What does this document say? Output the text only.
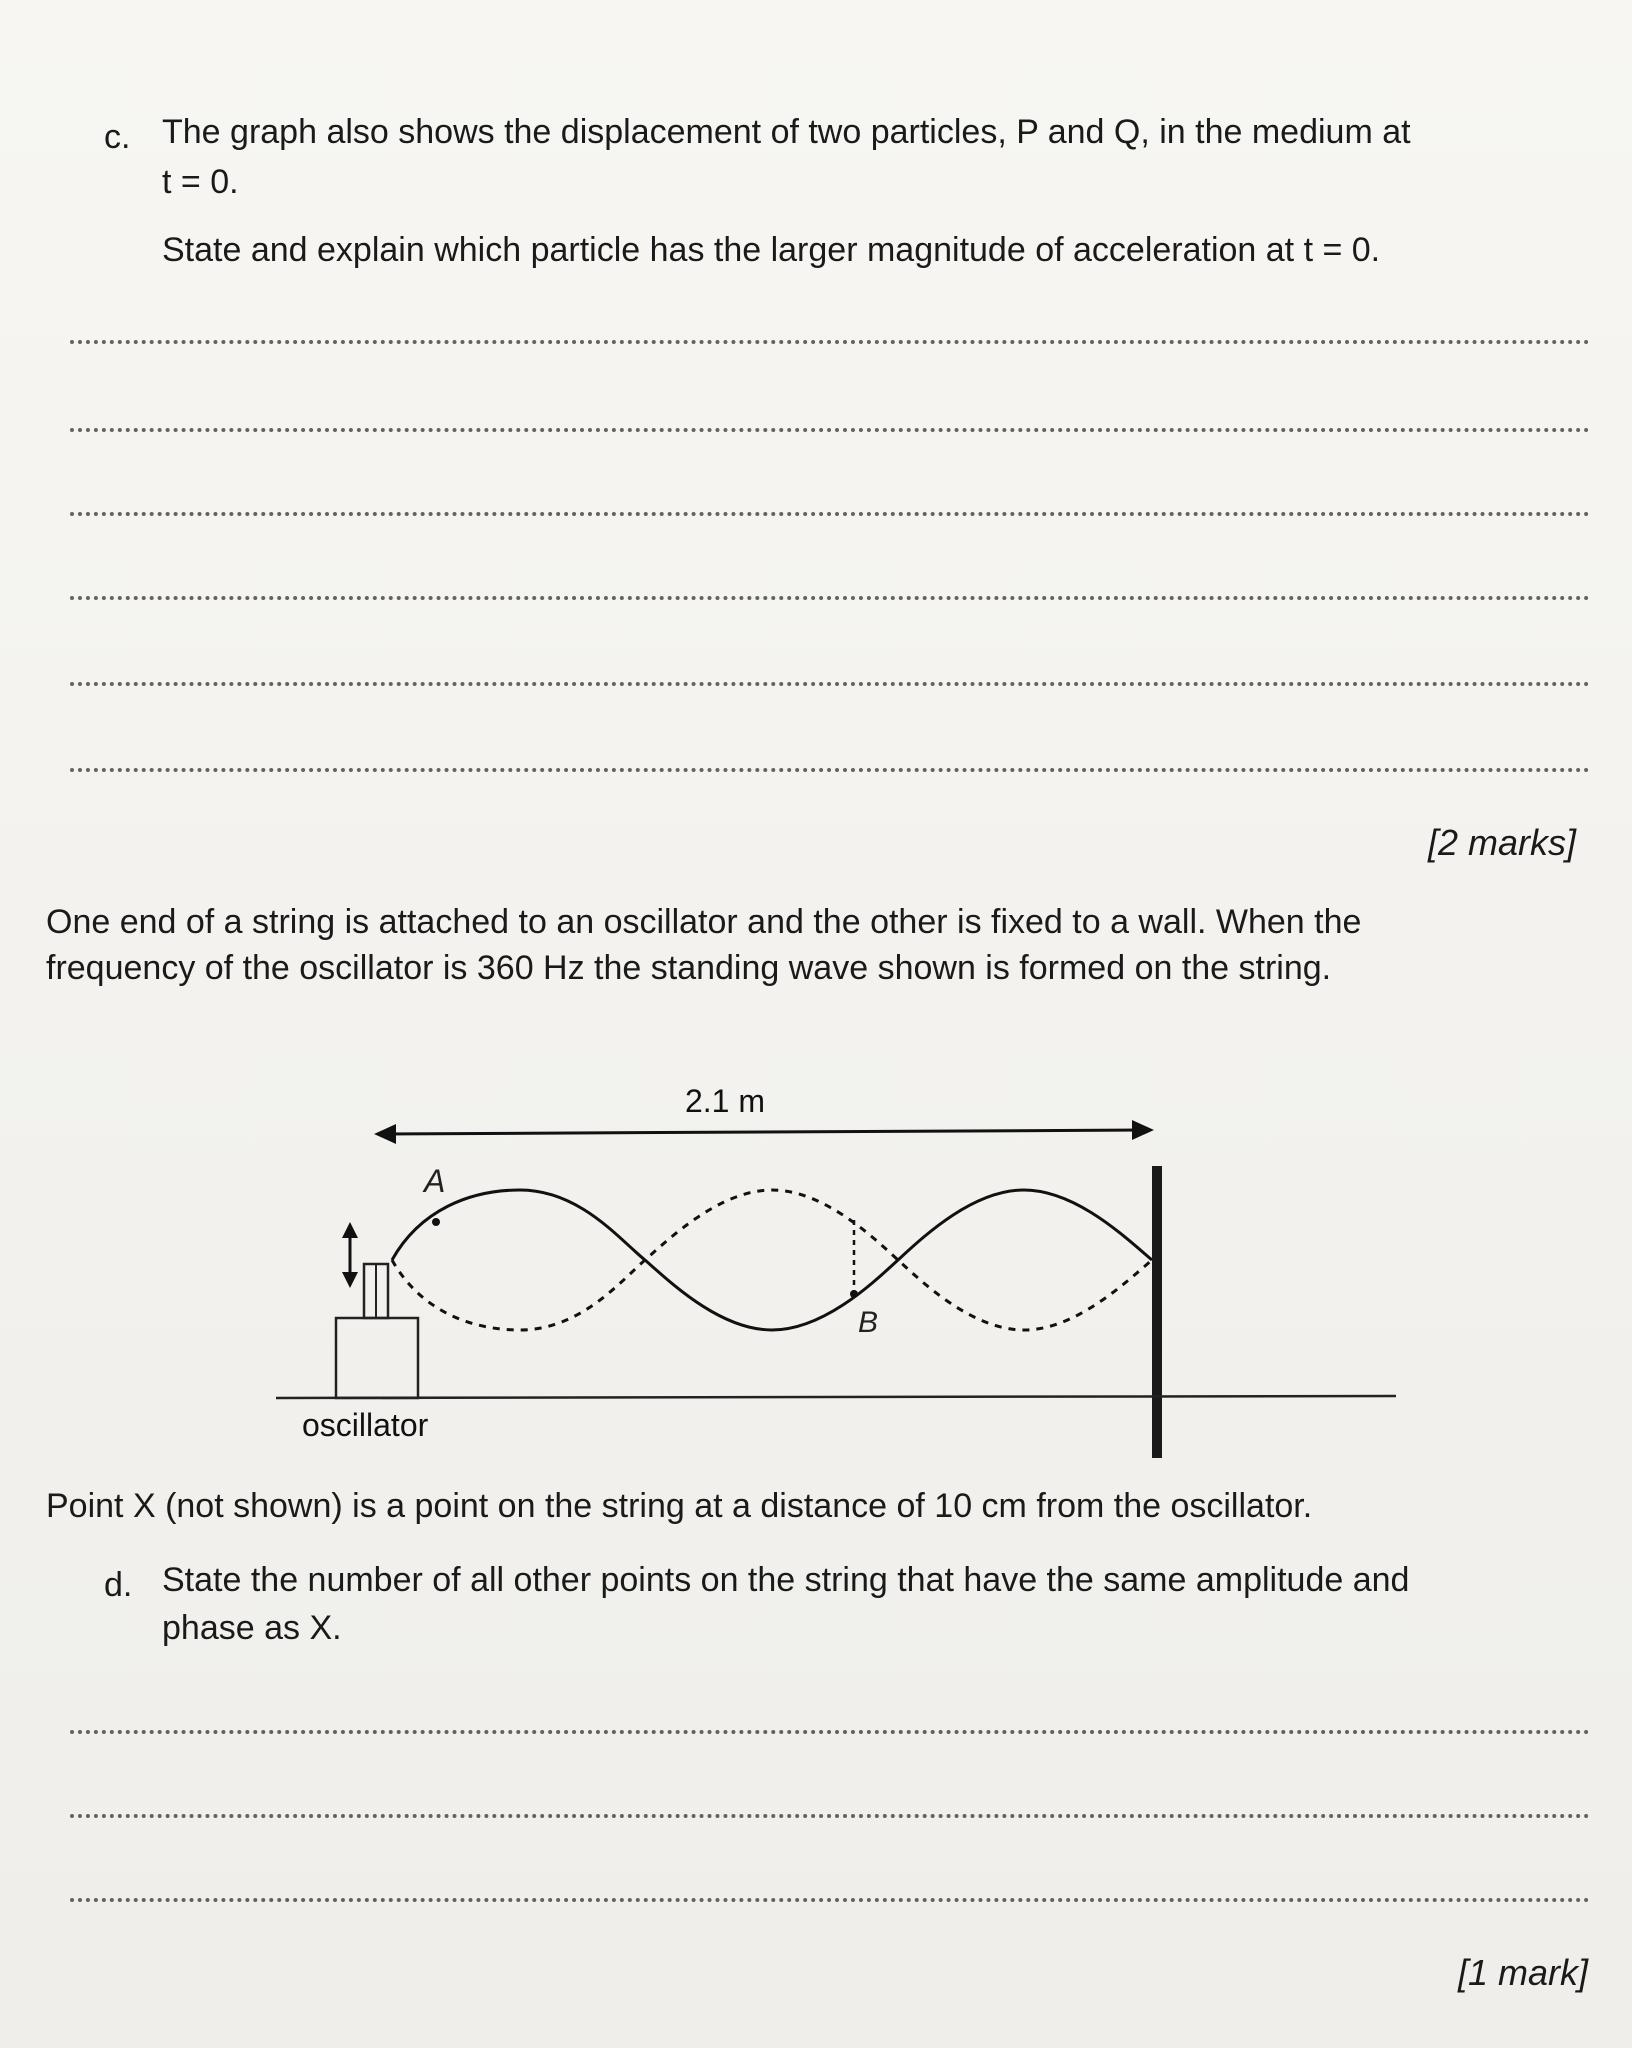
c. The graph also shows the displacement of two particles, P and Q, in the medium at
t = 0.
State and explain which particle has the larger magnitude of acceleration at t = 0.
[2 marks]
One end of a string is attached to an oscillator and the other is fixed to a wall. When the
frequency of the oscillator is 360 Hz the standing wave shown is formed on the string.
2.1 m
A
B
oscillator
Point X (not shown) is a point on the string at a distance of 10 cm from the oscillator.
d. State the number of all other points on the string that have the same amplitude and
phase as X.
[1 mark]
